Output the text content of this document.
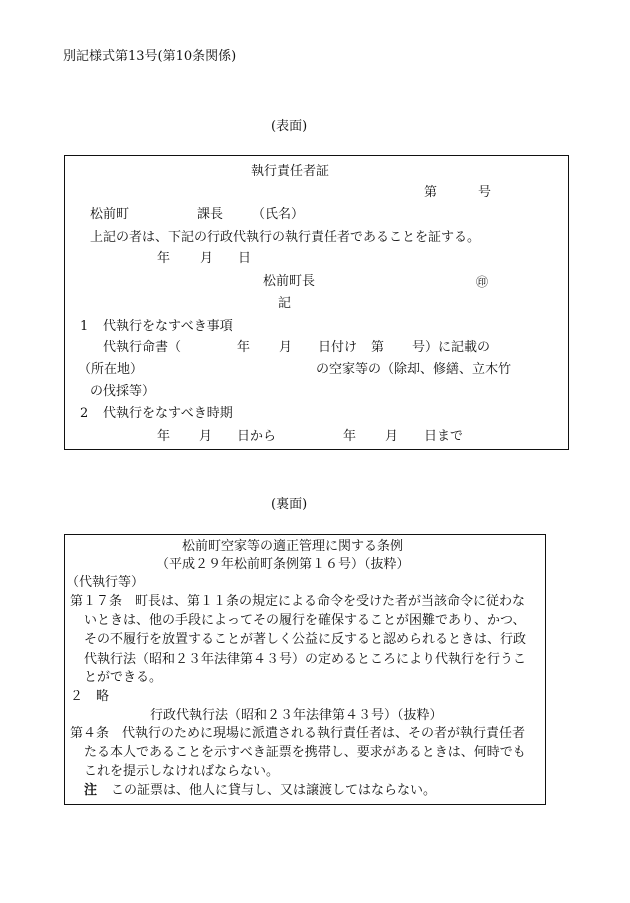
別記様式第13号(第10条関係)
(表面)
執行責任者証
第	号
松前町	課長 （氏名）
上記の者は、下記の行政代執行の執行責任者であることを証する。
年 月 日
松前町長	㊞
記
1 代執行をなすべき事項
代執行命書（	年 月 日付け 第 号）に記載の
（所在地）	の空家等の（除却、修繕、立木竹
の伐採等）
2 代執行をなすべき時期
年 月 日から	年 月 日まで
(裏面)
松前町空家等の適正管理に関する条例
（平成２９年松前町条例第１６号）（抜粋）
（代執行等）
第１７条　町長は、第１１条の規定による命令を受けた者が当該命令に従わな
いときは、他の手段によってその履行を確保することが困難であり、かつ、
その不履行を放置することが著しく公益に反すると認められるときは、行政
代執行法（昭和２３年法律第４３号）の定めるところにより代執行を行うこ
とができる。
２　略
行政代執行法（昭和２３年法律第４３号）（抜粋）
第４条　代執行のために現場に派遣される執行責任者は、その者が執行責任者
たる本人であることを示すべき証票を携帯し、要求があるときは、何時でも
これを提示しなければならない。
注 この証票は、他人に貸与し、又は譲渡してはならない。
